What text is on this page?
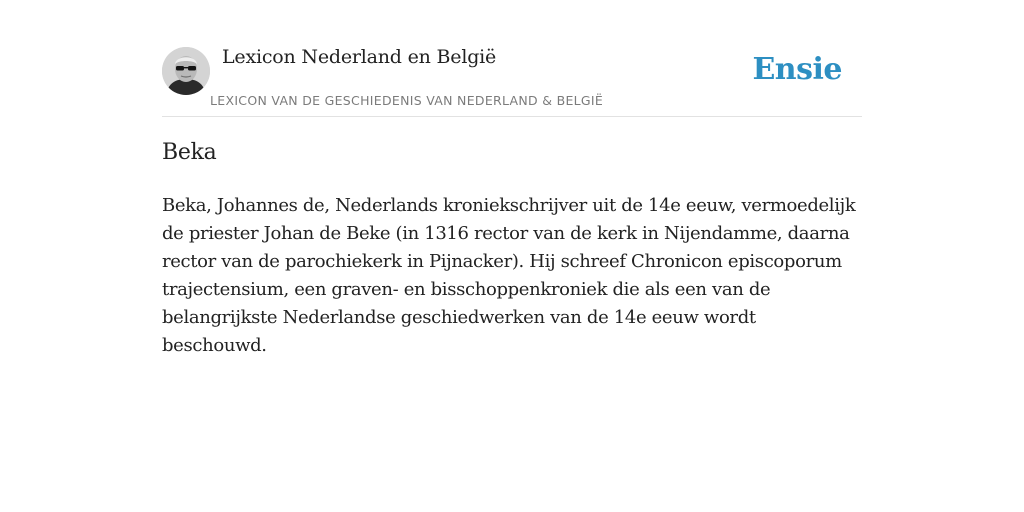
Lexicon Nederland en België
LEXICON VAN DE GESCHIEDENIS VAN NEDERLAND & BELGIË
Ensie
Beka

Beka, Johannes de, Nederlands kroniekschrijver uit de 14e eeuw, vermoedelijk de priester Johan de Beke (in 1316 rector van de kerk in Nijendamme, daarna rector van de parochiekerk in Pijnacker). Hij schreef Chronicon episcoporum trajectensium, een graven- en bisschoppenkroniek die als een van de belangrijkste Nederlandse geschiedwerken van de 14e eeuw wordt beschouwd.
